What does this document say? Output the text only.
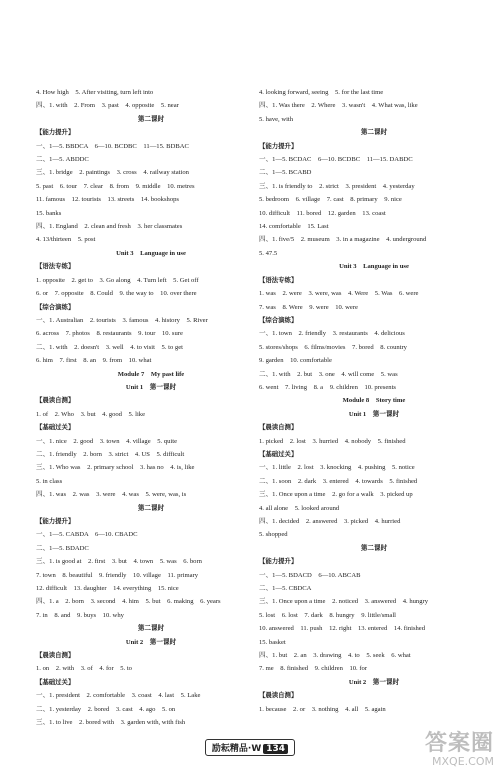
4. How high　5. After visiting, turn left into
四、1. with　2. From　3. past　4. opposite　5. near
第二课时
【能力提升】
一、1—5. BBDCA　6—10. BCDBC　11—15. BDBAC
二、1—5. ABDDC
三、1. bridge　2. paintings　3. cross　4. railway station
5. past　6. tour　7. clear　8. from　9. middle　10. metres
11. famous　12. tourists　13. streets　14. bookshops
15. banks
四、1. England　2. clean and fresh　3. her classmates
4. 13/thirteen　5. post
Unit 3　Language in use
【语法专练】
1. opposite　2. get to　3. Go along　4. Turn left　5. Get off
6. or　7. opposite　8. Could　9. the way to　10. over there
【综合演练】
一、1. Australian　2. tourists　3. famous　4. history　5. River
6. across　7. photos　8. restaurants　9. tour　10. sure
二、1. with　2. doesn't　3. well　4. to visit　5. to get
6. him　7. first　8. an　9. from　10. what
Module 7　My past life
Unit 1　第一课时
【晨读自测】
1. of　2. Who　3. but　4. good　5. like
【基础过关】
一、1. nice　2. good　3. town　4. village　5. quite
二、1. friendly　2. born　3. strict　4. US　5. difficult
三、1. Who was　2. primary school　3. has no　4. is, like
5. in class
四、1. was　2. was　3. were　4. was　5. were, was, is
第二课时
【能力提升】
一、1—5. CABDA　6—10. CBADC
二、1—5. BDADC
三、1. is good at　2. first　3. but　4. town　5. was　6. born
7. town　8. beautiful　9. friendly　10. village　11. primary
12. difficult　13. daughter　14. everything　15. nice
四、1. a　2. born　3. second　4. him　5. but　6. making　6. years
7. in　8. and　9. buys　10. why
第二课时
Unit 2　第一课时
【晨读自测】
1. on　2. with　3. of　4. for　5. to
【基础过关】
一、1. president　2. comfortable　3. coast　4. last　5. Lake
二、1. yesterday　2. bored　3. cast　4. ago　5. on
三、1. to live　2. bored with　3. garden with, with fish
4. looking forward, seeing　5. for the last time
四、1. Was there　2. Where　3. wasn't　4. What was, like
5. have, with
第二课时
【能力提升】
一、1—5. BCDAC　6—10. BCDBC　11—15. DABDC
二、1—5. BCABD
三、1. is friendly to　2. strict　3. president　4. yesterday
5. bedroom　6. village　7. cast　8. primary　9. nice
10. difficult　11. bored　12. garden　13. coast
14. comfortable　15. Last
四、1. five/5　2. museum　3. in a magazine　4. underground
5. 47.5
Unit 3　Language in use
【语法专练】
1. was　2. were　3. were, was　4. Were　5. Was　6. were
7. was　8. Were　9. were　10. were
【综合演练】
一、1. town　2. friendly　3. restaurants　4. delicious
5. stores/shops　6. films/movies　7. bored　8. country
9. garden　10. comfortable
二、1. with　2. but　3. one　4. will come　5. was
6. went　7. living　8. a　9. children　10. presents
Module 8　Story time
Unit 1　第一课时
【晨读自测】
1. picked　2. lost　3. hurried　4. nobody　5. finished
【基础过关】
一、1. little　2. lost　3. knocking　4. pushing　5. notice
二、1. soon　2. dark　3. entered　4. towards　5. finished
三、1. Once upon a time　2. go for a walk　3. picked up
4. all alone　5. looked around
四、1. decided　2. answered　3. picked　4. hurried
5. shopped
第二课时
【能力提升】
一、1—5. BDACD　6—10. ABCAB
二、1—5. CBDCA
三、1. Once upon a time　2. noticed　3. answered　4. hungry
5. lost　6. lost　7. dark　8. hungry　9. little/small
10. answered　11. push　12. right　13. entered　14. finished
15. basket
四、1. but　2. an　3. drawing　4. to　5. seek　6. what
7. me　8. finished　9. children　10. for
Unit 2　第一课时
【晨读自测】
1. because　2. or　3. nothing　4. all　5. again
励耘精品·W 134	答案圈
MXQE.COM
